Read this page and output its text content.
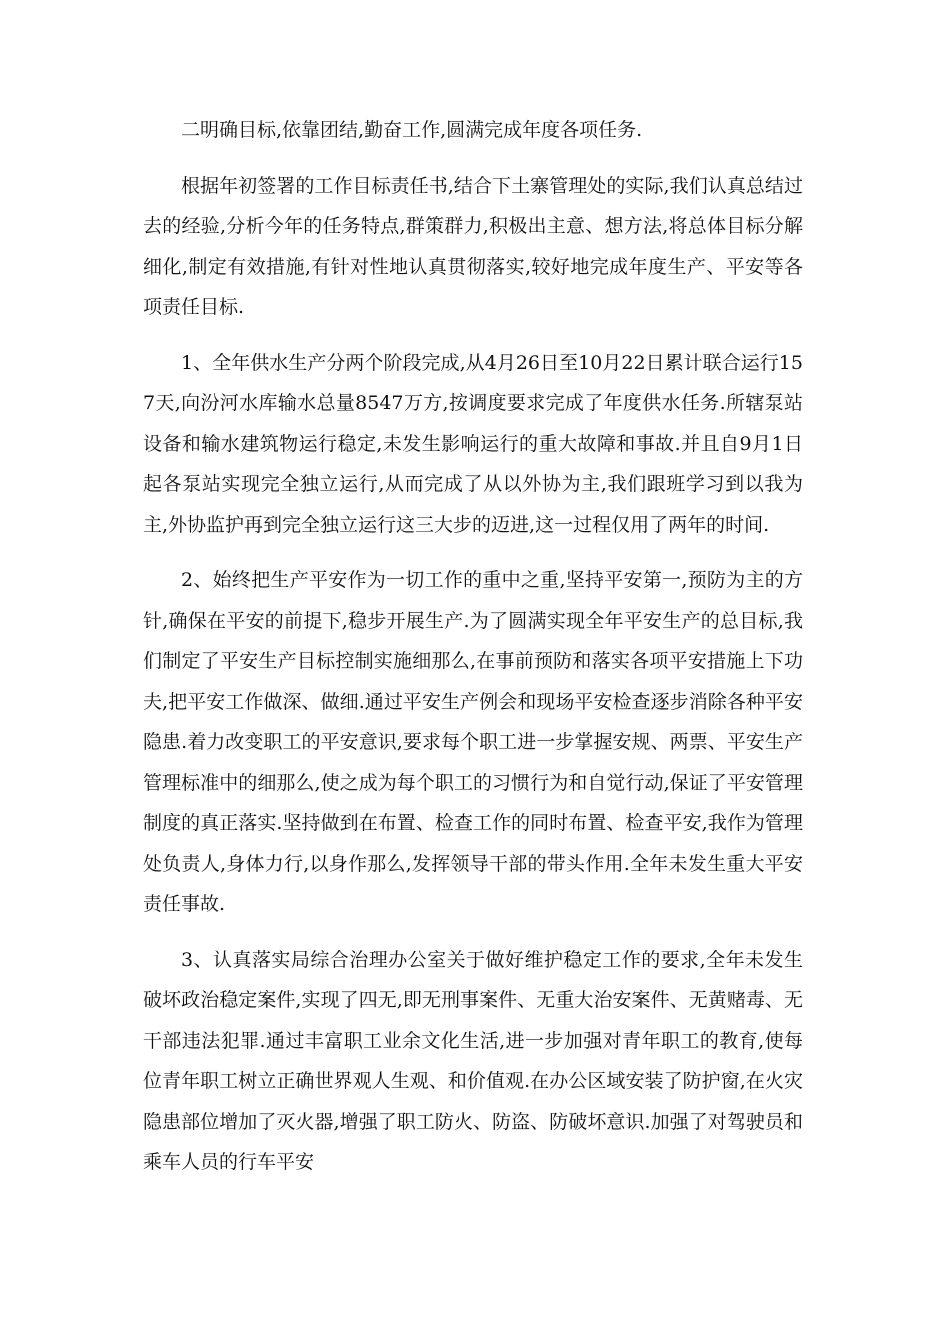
二明确目标,依靠团结,勤奋工作,圆满完成年度各项任务.

根据年初签署的工作目标责任书,结合下土寨管理处的实际,我们认真总结过去的经验,分析今年的任务特点,群策群力,积极出主意、想方法,将总体目标分解细化,制定有效措施,有针对性地认真贯彻落实,较好地完成年度生产、平安等各项责任目标.

1、全年供水生产分两个阶段完成,从4月26日至10月22日累计联合运行157天,向汾河水库输水总量8547万方,按调度要求完成了年度供水任务.所辖泵站设备和输水建筑物运行稳定,未发生影响运行的重大故障和事故.并且自9月1日起各泵站实现完全独立运行,从而完成了从以外协为主,我们跟班学习到以我为主,外协监护再到完全独立运行这三大步的迈进,这一过程仅用了两年的时间.

2、始终把生产平安作为一切工作的重中之重,坚持平安第一,预防为主的方针,确保在平安的前提下,稳步开展生产.为了圆满实现全年平安生产的总目标,我们制定了平安生产目标控制实施细那么,在事前预防和落实各项平安措施上下功夫,把平安工作做深、做细.通过平安生产例会和现场平安检查逐步消除各种平安隐患.着力改变职工的平安意识,要求每个职工进一步掌握安规、两票、平安生产管理标准中的细那么,使之成为每个职工的习惯行为和自觉行动,保证了平安管理制度的真正落实.坚持做到在布置、检查工作的同时布置、检查平安,我作为管理处负责人,身体力行,以身作那么,发挥领导干部的带头作用.全年未发生重大平安责任事故.

3、认真落实局综合治理办公室关于做好维护稳定工作的要求,全年未发生破坏政治稳定案件,实现了四无,即无刑事案件、无重大治安案件、无黄赌毒、无干部违法犯罪.通过丰富职工业余文化生活,进一步加强对青年职工的教育,使每位青年职工树立正确世界观人生观、和价值观.在办公区域安装了防护窗,在火灾隐患部位增加了灭火器,增强了职工防火、防盗、防破坏意识.加强了对驾驶员和乘车人员的行车平安
